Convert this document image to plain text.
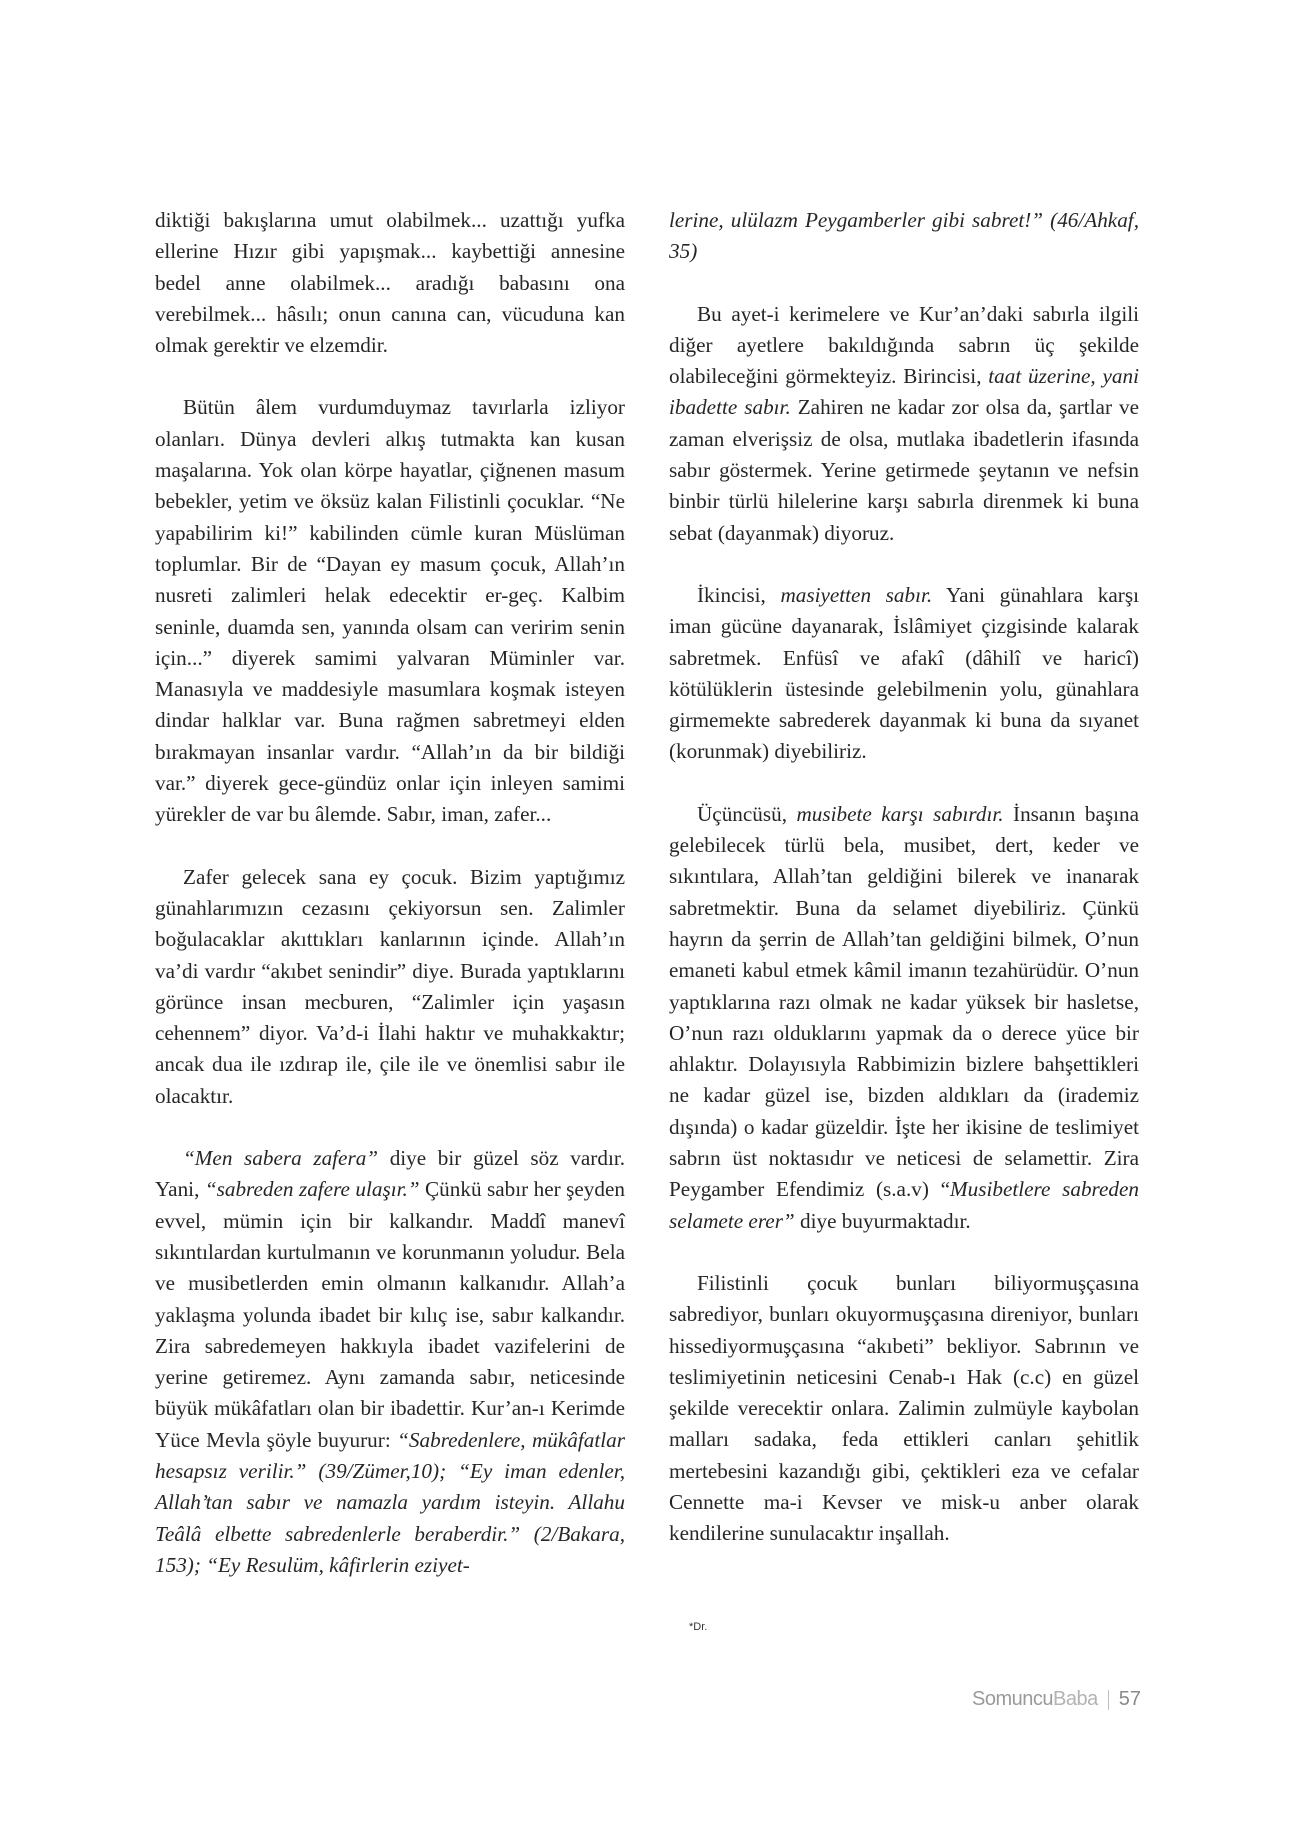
diktiği bakışlarına umut olabilmek... uzattığı yufka ellerine Hızır gibi yapışmak... kaybettiği annesine bedel anne olabilmek... aradığı babasını ona verebilmek... hâsılı; onun canına can, vücuduna kan olmak gerektir ve elzemdir.

Bütün âlem vurdumduymaz tavırlarla izliyor olanları. Dünya devleri alkış tutmakta kan kusan maşalarına. Yok olan körpe hayatlar, çiğnenen masum bebekler, yetim ve öksüz kalan Filistinli çocuklar. “Ne yapabilirim ki!” kabilinden cümle kuran Müslüman toplumlar. Bir de “Dayan ey masum çocuk, Allah’ın nusreti zalimleri helak edecektir er-geç. Kalbim seninle, duamda sen, yanında olsam can veririm senin için...” diyerek samimi yalvaran Müminler var. Manasıyla ve maddesiyle masumlara koşmak isteyen dindar halklar var. Buna rağmen sabretmeyi elden bırakmayan insanlar vardır. “Allah’ın da bir bildiği var.” diyerek gece-gündüz onlar için inleyen samimi yürekler de var bu âlemde. Sabır, iman, zafer...

Zafer gelecek sana ey çocuk. Bizim yaptığımız günahlarımızın cezasını çekiyorsun sen. Zalimler boğulacaklar akıttıkları kanlarının içinde. Allah’ın va’di vardır “akıbet senindir” diye. Burada yaptıklarını görünce insan mecburen, “Zalimler için yaşasın cehennem” diyor. Va’d-i İlahi haktır ve muhakkaktır; ancak dua ile ızdırap ile, çile ile ve önemlisi sabır ile olacaktır.

“Men sabera zafera” diye bir güzel söz vardır. Yani, “sabreden zafere ulaşır.” Çünkü sabır her şeyden evvel, mümin için bir kalkandır. Maddî manevî sıkıntılardan kurtulmanın ve korunmanın yoludur. Bela ve musibetlerden emin olmanın kalkanıdır. Allah’a yaklaşma yolunda ibadet bir kılıç ise, sabır kalkandır. Zira sabredemeyen hakkıyla ibadet vazifelerini de yerine getiremez. Aynı zamanda sabır, neticesinde büyük mükâfatları olan bir ibadettir. Kur’an-ı Kerimde Yüce Mevla şöyle buyurur: “Sabredenlere, mükâfatlar hesapsız verilir.” (39/Zümer,10); “Ey iman edenler, Allah’tan sabır ve namazla yardım isteyin. Allahu Teâlâ elbette sabredenlerle beraberdir.” (2/Bakara, 153); “Ey Resulüm, kâfirlerin eziyet-

lerine, ulülazm Peygamberler gibi sabret!” (46/Ahkaf, 35)

Bu ayet-i kerimelere ve Kur’an’daki sabırla ilgili diğer ayetlere bakıldığında sabrın üç şekilde olabileceğini görmekteyiz. Birincisi, taat üzerine, yani ibadette sabır. Zahiren ne kadar zor olsa da, şartlar ve zaman elverişsiz de olsa, mutlaka ibadetlerin ifasında sabır göstermek. Yerine getirmede şeytanın ve nefsin binbir türlü hilelerine karşı sabırla direnmek ki buna sebat (dayanmak) diyoruz.

İkincisi, masiyetten sabır. Yani günahlara karşı iman gücüne dayanarak, İslâmiyet çizgisinde kalarak sabretmek. Enfüsî ve afakî (dâhilî ve haricî) kötülüklerin üstesinde gelebilmenin yolu, günahlara girmemekte sabrederek dayanmak ki buna da sıyanet (korunmak) diyebiliriz.

Üçüncüsü, musibete karşı sabırdır. İnsanın başına gelebilecek türlü bela, musibet, dert, keder ve sıkıntılara, Allah’tan geldiğini bilerek ve inanarak sabretmektir. Buna da selamet diyebiliriz. Çünkü hayrın da şerrin de Allah’tan geldiğini bilmek, O’nun emaneti kabul etmek kâmil imanın tezahürüdür. O’nun yaptıklarına razı olmak ne kadar yüksek bir hasletse, O’nun razı olduklarını yapmak da o derece yüce bir ahlaktır. Dolayısıyla Rabbimizin bizlere bahşettikleri ne kadar güzel ise, bizden aldıkları da (irademiz dışında) o kadar güzeldir. İşte her ikisine de teslimiyet sabrın üst noktasıdır ve neticesi de selamettir. Zira Peygamber Efendimiz (s.a.v) “Musibetlere sabreden selamete erer” diye buyurmaktadır.

Filistinli çocuk bunları biliyormuşçasına sabrediyor, bunları okuyormuşçasına direniyor, bunları hissediyormuşçasına “akıbeti” bekliyor. Sabrının ve teslimiyetinin neticesini Cenab-ı Hak (c.c) en güzel şekilde verecektir onlara. Zalimin zulmüyle kaybolan malları sadaka, feda ettikleri canları şehitlik mertebesini kazandığı gibi, çektikleri eza ve cefalar Cennette ma-i Kevser ve misk-u anber olarak kendilerine sunulacaktır inşallah.

*Dr.

Somuncu Baba 57
